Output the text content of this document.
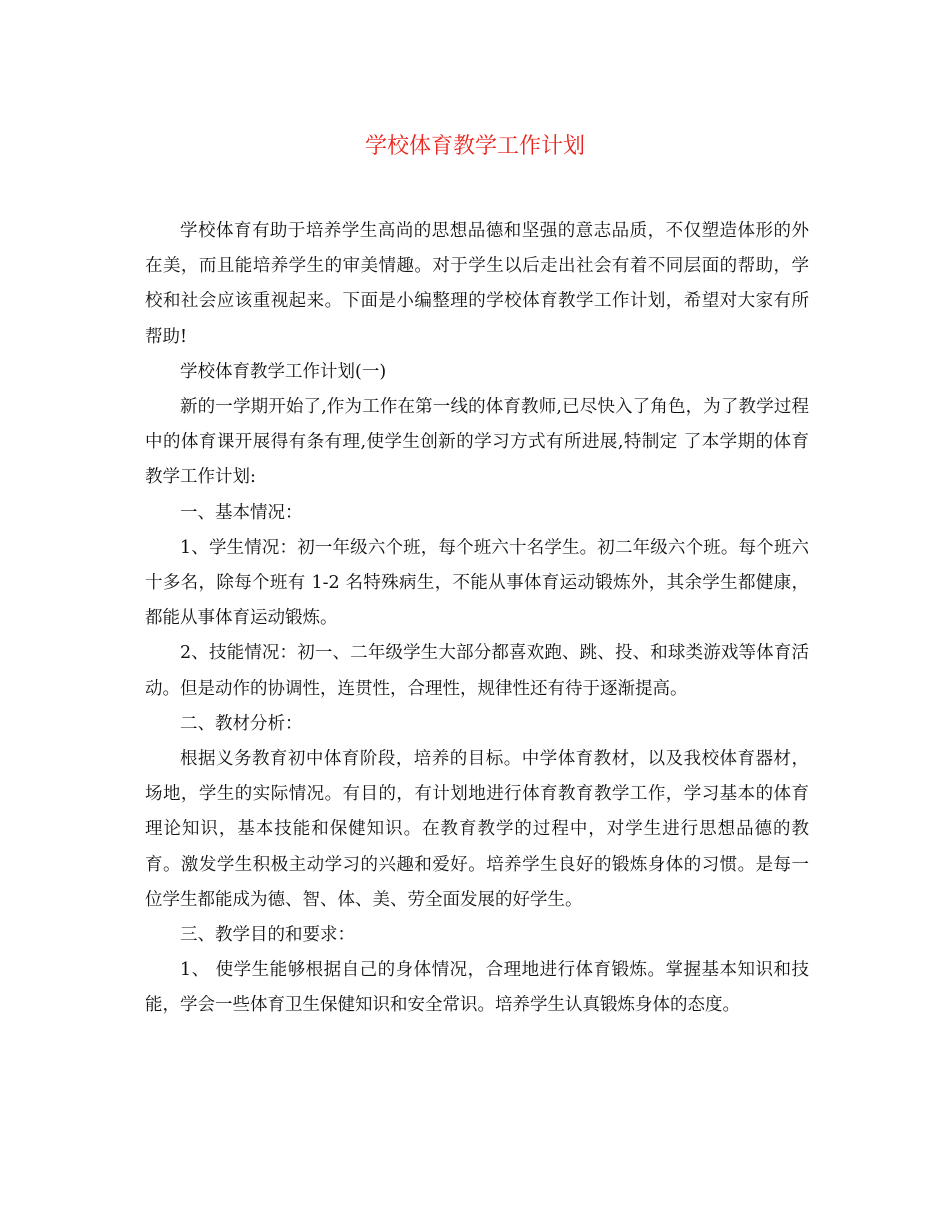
学校体育教学工作计划

学校体育有助于培养学生高尚的思想品德和坚强的意志品质，不仅塑造体形的外在美，而且能培养学生的审美情趣。对于学生以后走出社会有着不同层面的帮助，学校和社会应该重视起来。下面是小编整理的学校体育教学工作计划，希望对大家有所帮助!

学校体育教学工作计划(一)

新的一学期开始了,作为工作在第一线的体育教师,已尽快入了角色，为了教学过程中的体育课开展得有条有理,使学生创新的学习方式有所进展,特制定 了本学期的体育教学工作计划:

一、基本情况：

1、学生情况：初一年级六个班，每个班六十名学生。初二年级六个班。每个班六十多名，除每个班有 1-2 名特殊病生，不能从事体育运动锻炼外，其余学生都健康，都能从事体育运动锻炼。

2、技能情况：初一、二年级学生大部分都喜欢跑、跳、投、和球类游戏等体育活动。但是动作的协调性，连贯性，合理性，规律性还有待于逐渐提高。

二、教材分析：

根据义务教育初中体育阶段，培养的目标。中学体育教材，以及我校体育器材，场地，学生的实际情况。有目的，有计划地进行体育教育教学工作，学习基本的体育理论知识，基本技能和保健知识。在教育教学的过程中，对学生进行思想品德的教育。激发学生积极主动学习的兴趣和爱好。培养学生良好的锻炼身体的习惯。是每一位学生都能成为德、智、体、美、劳全面发展的好学生。

三、教学目的和要求：

1、 使学生能够根据自己的身体情况，合理地进行体育锻炼。掌握基本知识和技能，学会一些体育卫生保健知识和安全常识。培养学生认真锻炼身体的态度。
